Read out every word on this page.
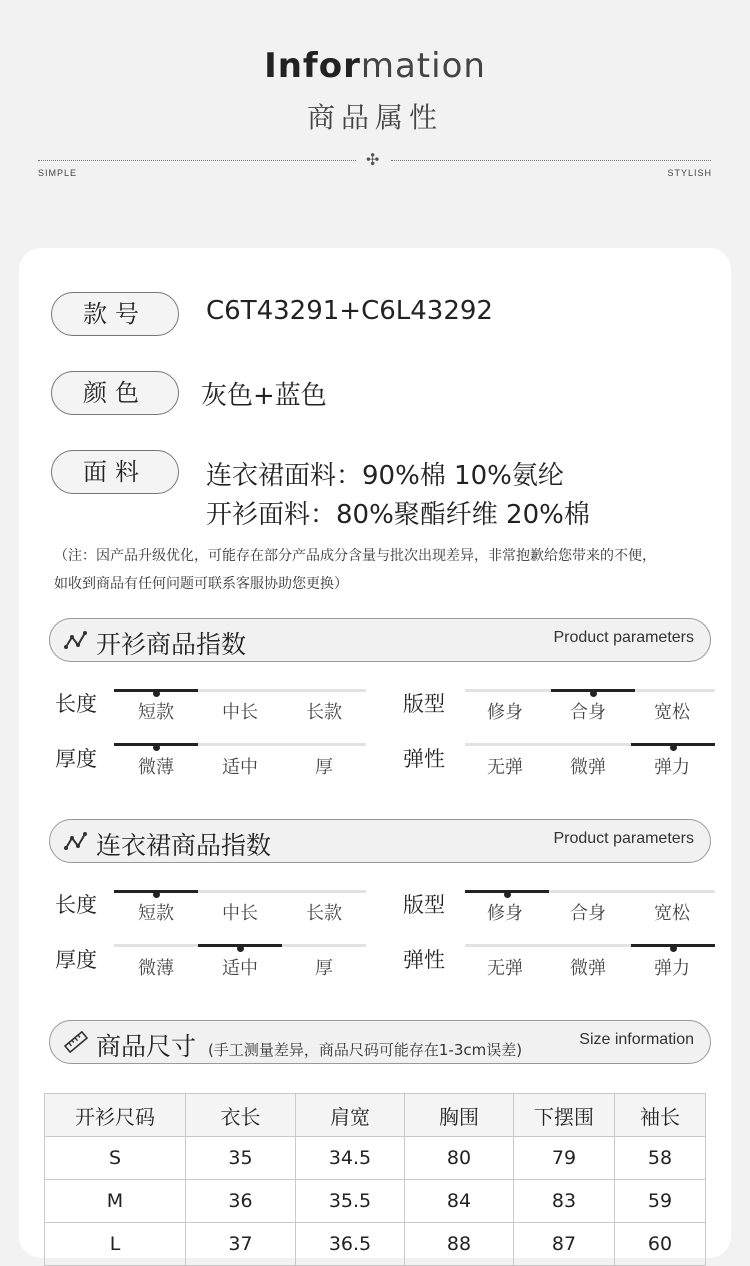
Information
商品属性
✣
SIMPLE	STYLISH
款号	C6T43291+C6L43292
颜色	灰色+蓝色
面料	连衣裙面料：90%棉 10%氨纶
开衫面料：80%聚酯纤维 20%棉
（注：因产品升级优化，可能存在部分产品成分含量与批次出现差异，非常抱歉给您带来的不便，
如收到商品有任何问题可联系客服协助您更换）
开衫商品指数	Product parameters
长度	短款	中长	长款	版型	修身	合身	宽松
厚度	微薄	适中	厚	弹性	无弹	微弹	弹力
连衣裙商品指数	Product parameters
长度	短款	中长	长款	版型	修身	合身	宽松
厚度	微薄	适中	厚	弹性	无弹	微弹	弹力
商品尺寸 (手工测量差异，商品尺码可能存在1-3cm误差)
Size information
开衫尺码	衣长	肩宽	胸围	下摆围	袖长
S	35	34.5	80	79	58
M	36	35.5	84	83	59
L	37	36.5	88	87	60
